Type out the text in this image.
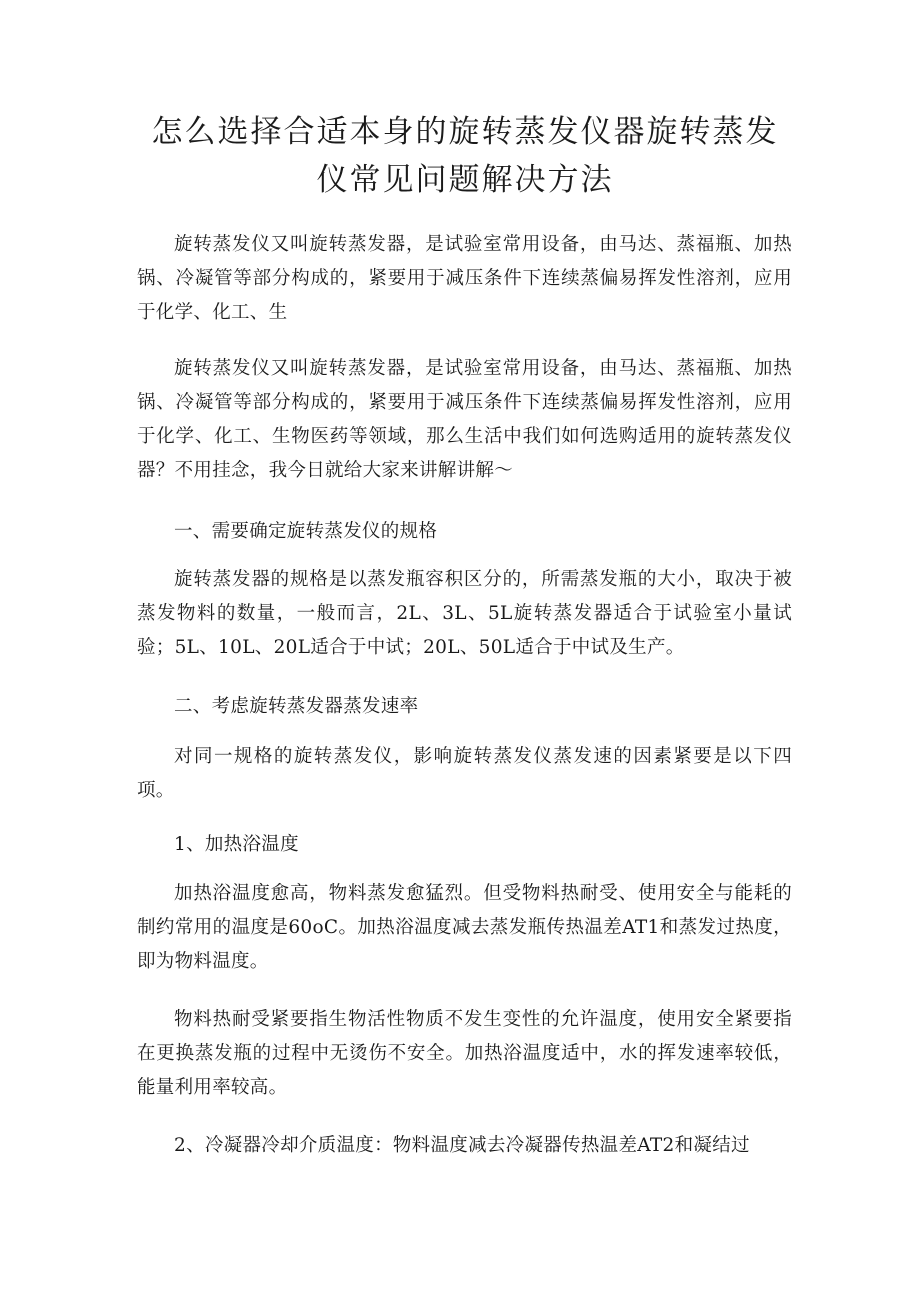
怎么选择合适本身的旋转蒸发仪器旋转蒸发
仪常见问题解决方法

旋转蒸发仪又叫旋转蒸发器，是试验室常用设备，由马达、蒸福瓶、加热锅、冷凝管等部分构成的，紧要用于减压条件下连续蒸偏易挥发性溶剂，应用于化学、化工、生

旋转蒸发仪又叫旋转蒸发器，是试验室常用设备，由马达、蒸福瓶、加热锅、冷凝管等部分构成的，紧要用于减压条件下连续蒸偏易挥发性溶剂，应用于化学、化工、生物医药等领域，那么生活中我们如何选购适用的旋转蒸发仪器？不用挂念，我今日就给大家来讲解讲解～

一、需要确定旋转蒸发仪的规格

旋转蒸发器的规格是以蒸发瓶容积区分的，所需蒸发瓶的大小，取决于被蒸发物料的数量，一般而言，2L、3L、5L旋转蒸发器适合于试验室小量试验；5L、10L、20L适合于中试；20L、50L适合于中试及生产。

二、考虑旋转蒸发器蒸发速率

对同一规格的旋转蒸发仪，影响旋转蒸发仪蒸发速的因素紧要是以下四项。

1、加热浴温度

加热浴温度愈高，物料蒸发愈猛烈。但受物料热耐受、使用安全与能耗的制约常用的温度是60oC。加热浴温度减去蒸发瓶传热温差AT1和蒸发过热度，即为物料温度。

物料热耐受紧要指生物活性物质不发生变性的允许温度，使用安全紧要指在更换蒸发瓶的过程中无烫伤不安全。加热浴温度适中，水的挥发速率较低，能量利用率较高。

2、冷凝器冷却介质温度：物料温度减去冷凝器传热温差AT2和凝结过
